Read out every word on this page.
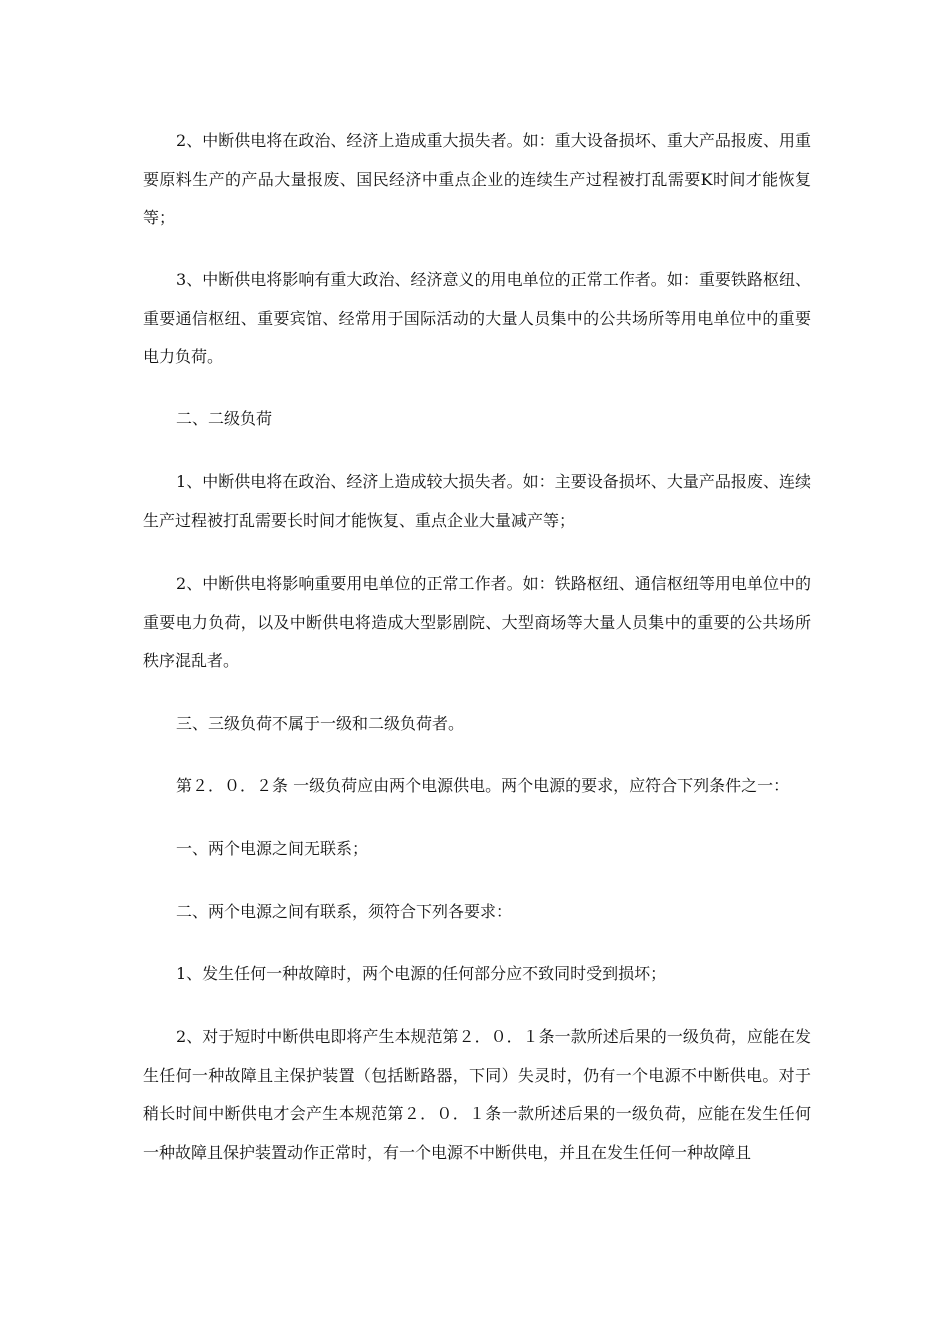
2、中断供电将在政治、经济上造成重大损失者。如：重大设备损坏、重大产品报废、用重要原料生产的产品大量报废、国民经济中重点企业的连续生产过程被打乱需要K时间才能恢复等；

3、中断供电将影响有重大政治、经济意义的用电单位的正常工作者。如：重要铁路枢纽、重要通信枢纽、重要宾馆、经常用于国际活动的大量人员集中的公共场所等用电单位中的重要电力负荷。

二、二级负荷

1、中断供电将在政治、经济上造成较大损失者。如：主要设备损坏、大量产品报废、连续生产过程被打乱需要长时间才能恢复、重点企业大量减产等；

2、中断供电将影响重要用电单位的正常工作者。如：铁路枢纽、通信枢纽等用电单位中的重要电力负荷，以及中断供电将造成大型影剧院、大型商场等大量人员集中的重要的公共场所秩序混乱者。

三、三级负荷不属于一级和二级负荷者。

第２．０．２条 一级负荷应由两个电源供电。两个电源的要求，应符合下列条件之一：

一、两个电源之间无联系；

二、两个电源之间有联系，须符合下列各要求：

1、发生任何一种故障时，两个电源的任何部分应不致同时受到损坏；

2、对于短时中断供电即将产生本规范第２．０．１条一款所述后果的一级负荷，应能在发生任何一种故障且主保护装置（包括断路器，下同）失灵时，仍有一个电源不中断供电。对于稍长时间中断供电才会产生本规范第２．０．１条一款所述后果的一级负荷，应能在发生任何一种故障且保护装置动作正常时，有一个电源不中断供电，并且在发生任何一种故障且
